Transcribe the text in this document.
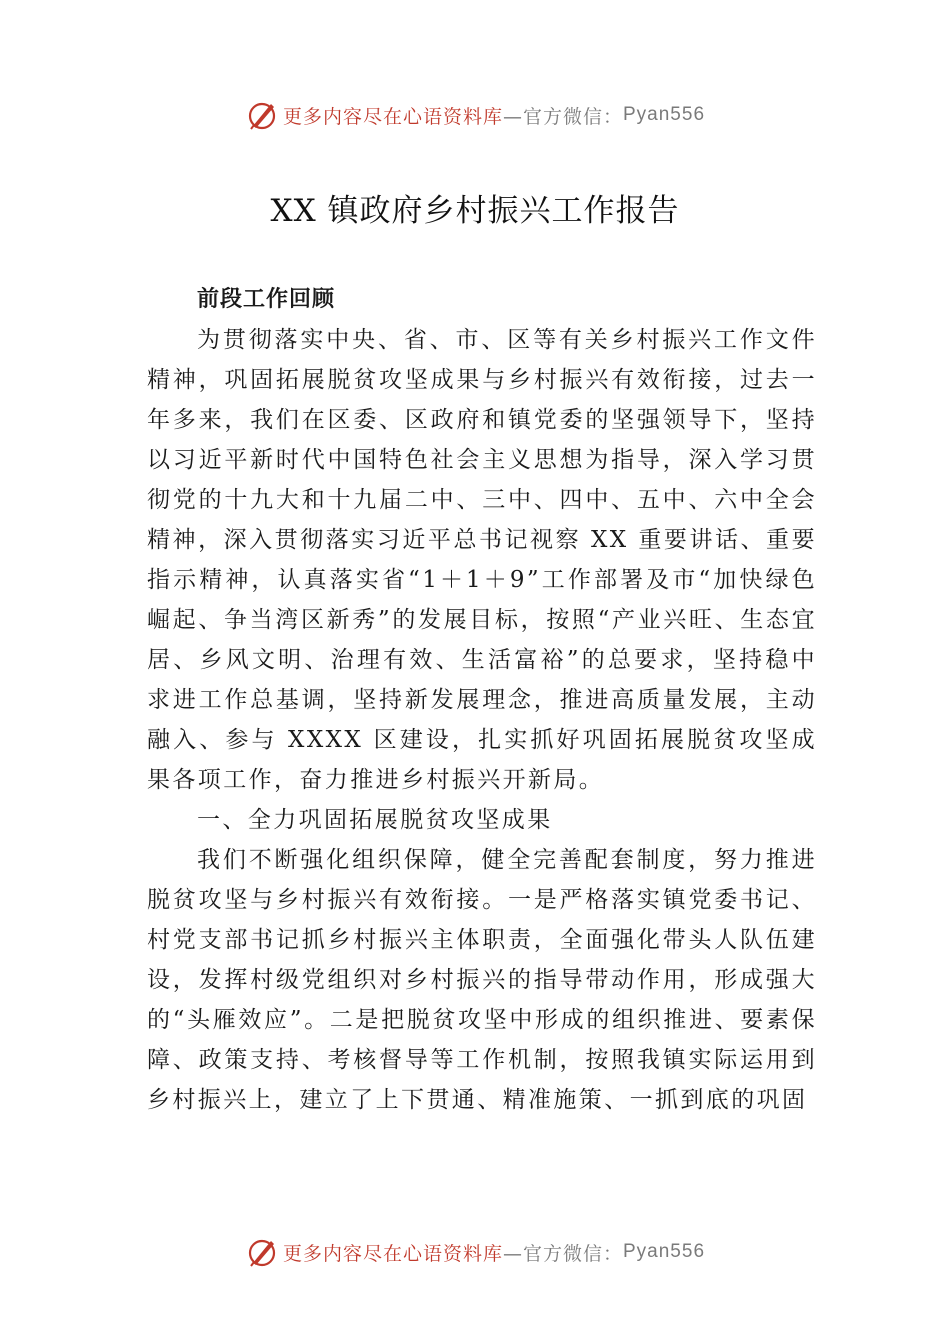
更多内容尽在心语资料库 —官方微信： Pyan556
XX 镇政府乡村振兴工作报告

前段工作回顾

为贯彻落实中央、省、市、区等有关乡村振兴工作文件精神，巩固拓展脱贫攻坚成果与乡村振兴有效衔接，过去一年多来，我们在区委、区政府和镇党委的坚强领导下，坚持以习近平新时代中国特色社会主义思想为指导，深入学习贯彻党的十九大和十九届二中、三中、四中、五中、六中全会 精神，深入贯彻落实习近平总书记视察 XX 重要讲话、重要指示精神，认真落实省“1＋1＋9”工作部署及市“加快绿色崛起、争当湾区新秀”的发展目标，按照“产业兴旺、生态宜居、乡风文明、治理有效、生活富裕”的总要求，坚持稳中求进工作总基调，坚持新发展理念，推进高质量发展，主动融入、参与 XXXX 区建设，扎实抓好巩固拓展脱贫攻坚成果各项工作，奋力推进乡村振兴开新局。

一、全力巩固拓展脱贫攻坚成果

我们不断强化组织保障，健全完善配套制度，努力推进脱贫攻坚与乡村振兴有效衔接。一是严格落实镇党委书记、 村党支部书记抓乡村振兴主体职责，全面强化带头人队伍建设，发挥村级党组织对乡村振兴的指导带动作用，形成强大的“头雁效应”。二是把脱贫攻坚中形成的组织推进、要素保障、政策支持、考核督导等工作机制，按照我镇实际运用到乡村振兴上，建立了上下贯通、精准施策、一抓到底的巩固

更多内容尽在心语资料库 —官方微信： Pyan556
